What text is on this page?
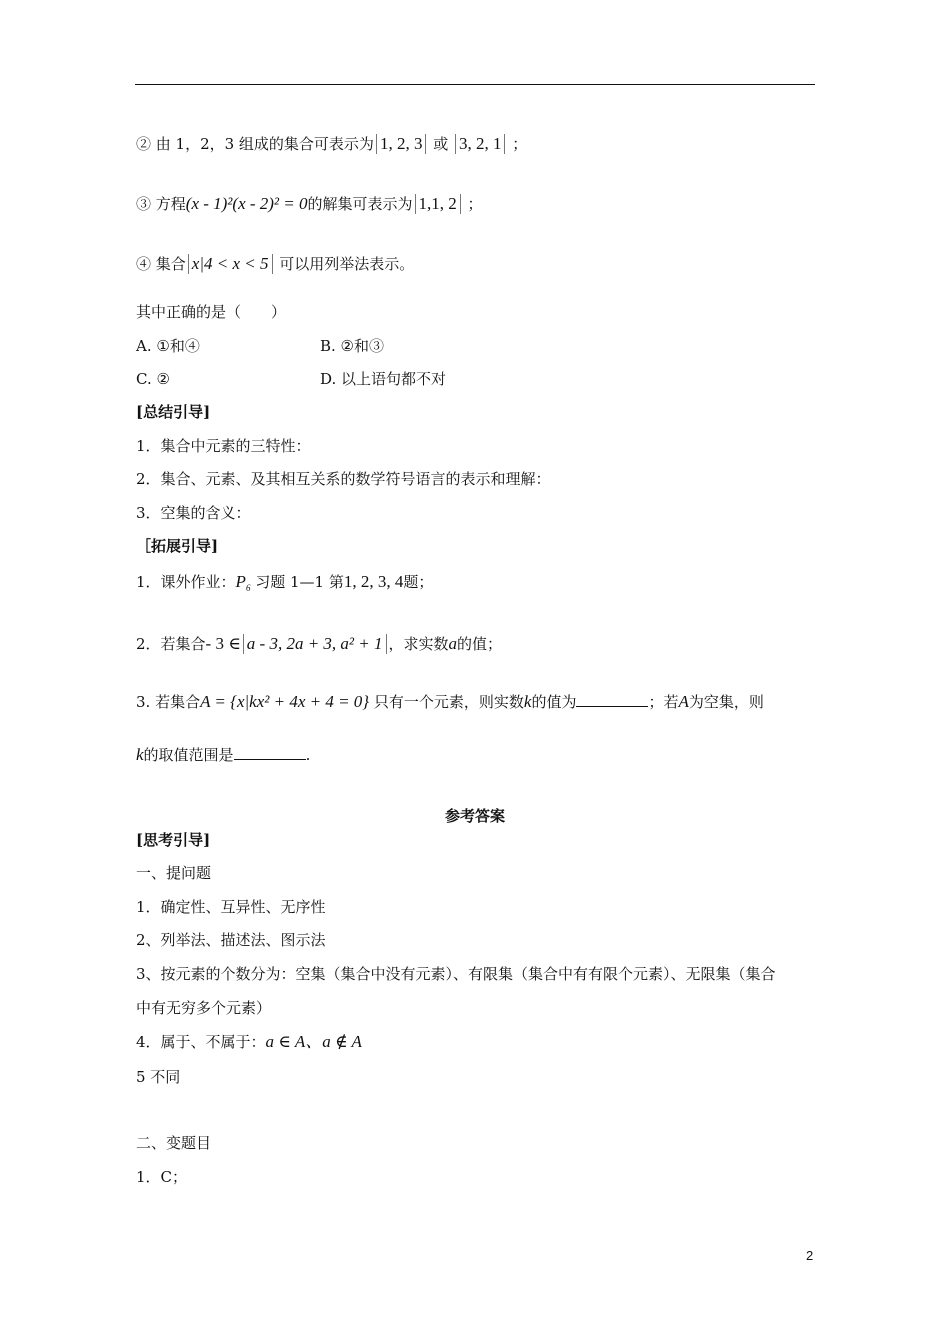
② 由 1，2，3 组成的集合可表示为 1, 2, 3 或 3, 2, 1 ；
③ 方程(x - 1)²(x - 2)² = 0的解集可表示为 1,1, 2 ；
④ 集合 x|4 < x < 5 可以用列举法表示。
其中正确的是（　　）
A. ①和④	B. ②和③
C. ②	D. 以上语句都不对
[总结引导]
1．集合中元素的三特性：
2．集合、元素、及其相互关系的数学符号语言的表示和理解：
3．空集的含义：
［拓展引导]
1．课外作业：$P_6$ 习题 1—1 第1, 2, 3, 4题；
2．若集合- 3 ∈ a - 3, 2a + 3, a² + 1 ，求实数a的值；
3. 若集合A = {x|kx² + 4x + 4 = 0} 只有一个元素，则实数k的值为	；若A为空集，则
k的取值范围是	.
参考答案
[思考引导]
一、提问题
1．确定性、互异性、无序性
2、列举法、描述法、图示法
3、按元素的个数分为：空集（集合中没有元素）、有限集（集合中有有限个元素）、无限集（集合
中有无穷多个元素）
4．属于、不属于：a ∈ A、a ∉ A
5 不同
二、变题目
1．C；
2
